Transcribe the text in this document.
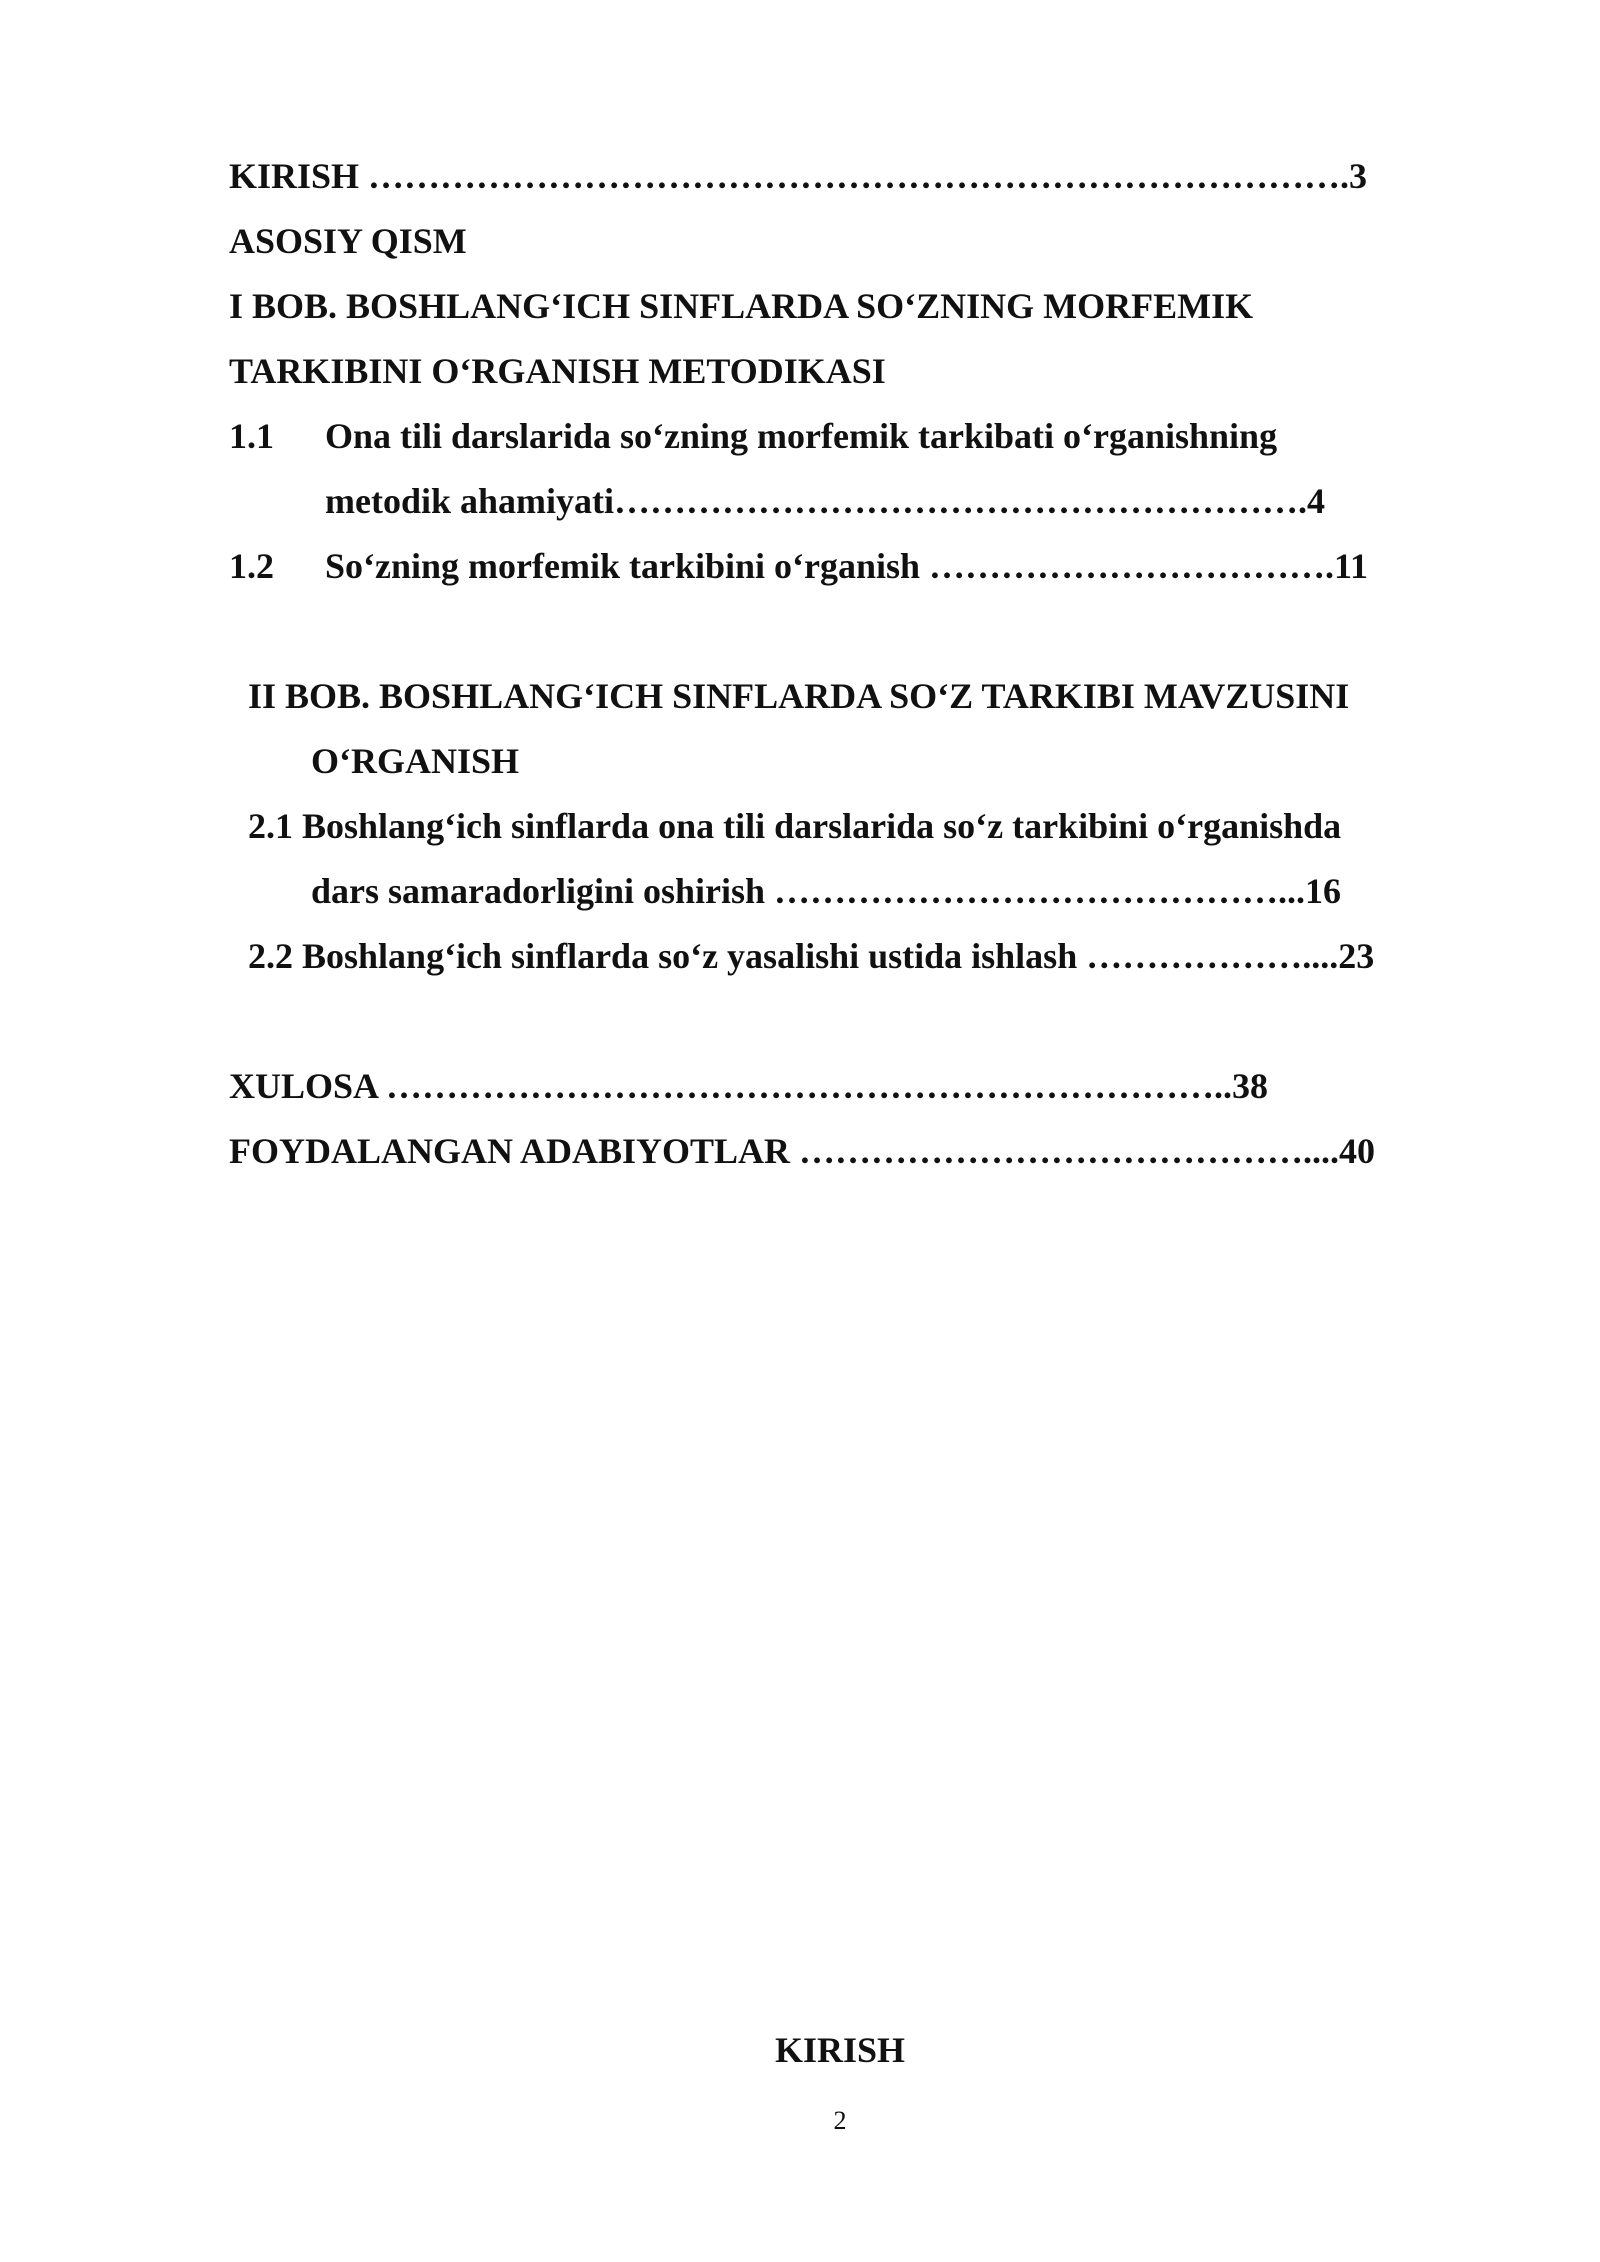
KIRISH ……………………………………………………………………….3
ASOSIY QISM
I BOB. BOSHLANG‘ICH SINFLARDA SO‘ZNING MORFEMIK
TARKIBINI O‘RGANISH METODIKASI
1.1 Ona tili darslarida so‘zning morfemik tarkibati o‘rganishning
metodik ahamiyati………………………………………………….4
1.2 So‘zning morfemik tarkibini o‘rganish …………………………….11
II BOB. BOSHLANG‘ICH SINFLARDA SO‘Z TARKIBI MAVZUSINI
O‘RGANISH
2.1 Boshlang‘ich sinflarda ona tili darslarida so‘z tarkibini o‘rganishda
dars samaradorligini oshirish ……………………………………...16
2.2 Boshlang‘ich sinflarda so‘z yasalishi ustida ishlash ………………....23
XULOSA ……………………………………………………………..38
FOYDALANGAN ADABIYOTLAR ……………………………………....40
KIRISH
2
